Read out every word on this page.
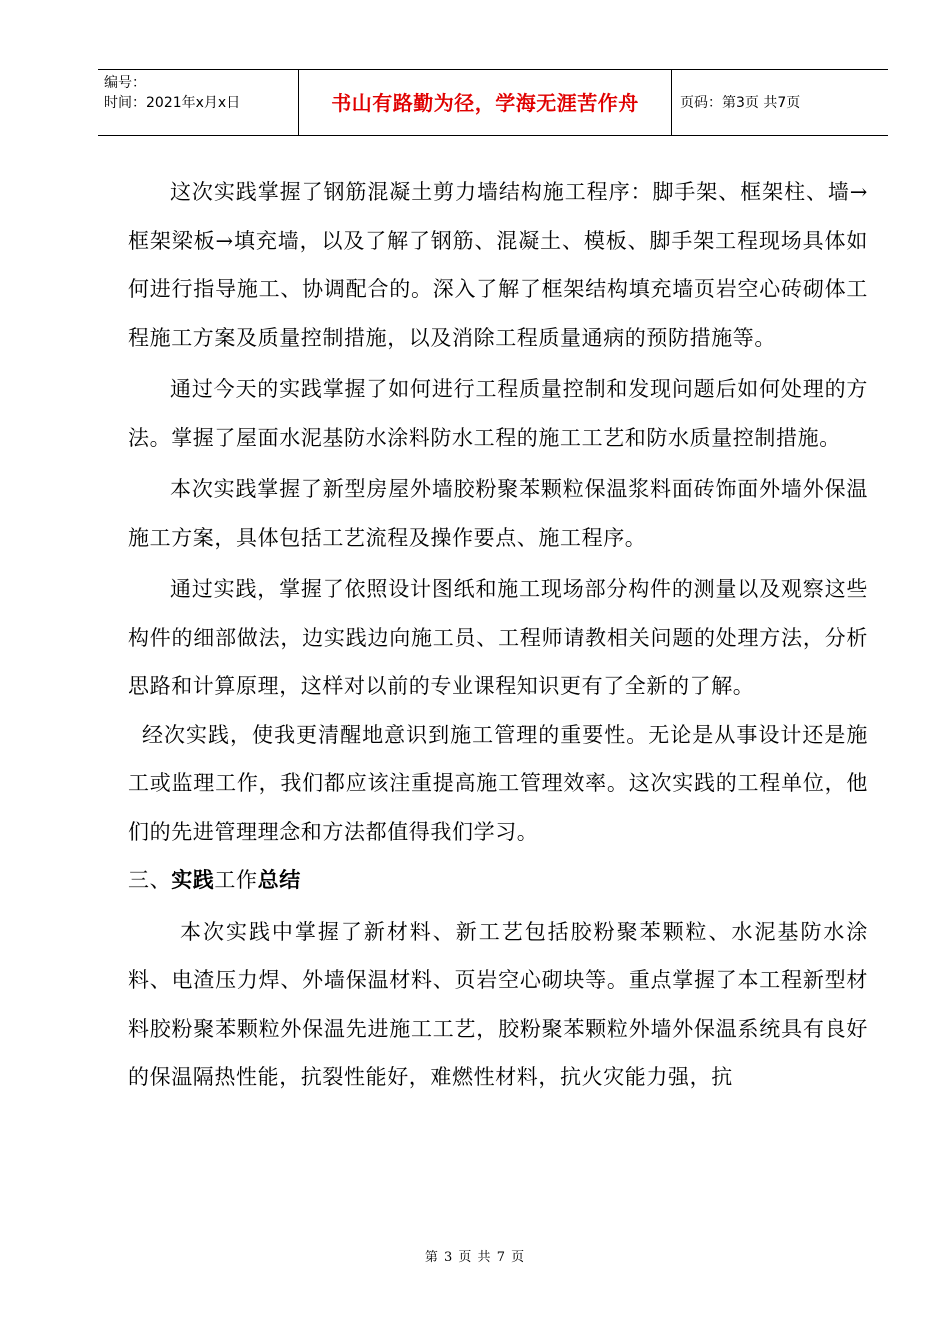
编号：
时间：2021年x月x日	书山有路勤为径，学海无涯苦作舟	页码：第3页 共7页

这次实践掌握了钢筋混凝土剪力墙结构施工程序：脚手架、框架柱、墙→框架梁板→填充墙，以及了解了钢筋、混凝土、模板、脚手架工程现场具体如何进行指导施工、协调配合的。深入了解了框架结构填充墙页岩空心砖砌体工程施工方案及质量控制措施，以及消除工程质量通病的预防措施等。

通过今天的实践掌握了如何进行工程质量控制和发现问题后如何处理的方法。掌握了屋面水泥基防水涂料防水工程的施工工艺和防水质量控制措施。

本次实践掌握了新型房屋外墙胶粉聚苯颗粒保温浆料面砖饰面外墙外保温施工方案，具体包括工艺流程及操作要点、施工程序。

通过实践，掌握了依照设计图纸和施工现场部分构件的测量以及观察这些构件的细部做法，边实践边向施工员、工程师请教相关问题的处理方法，分析思路和计算原理，这样对以前的专业课程知识更有了全新的了解。

经次实践，使我更清醒地意识到施工管理的重要性。无论是从事设计还是施工或监理工作，我们都应该注重提高施工管理效率。这次实践的工程单位，他们的先进管理理念和方法都值得我们学习。

三、实践工作总结

本次实践中掌握了新材料、新工艺包括胶粉聚苯颗粒、水泥基防水涂料、电渣压力焊、外墙保温材料、页岩空心砌块等。重点掌握了本工程新型材料胶粉聚苯颗粒外保温先进施工工艺，胶粉聚苯颗粒外墙外保温系统具有良好的保温隔热性能，抗裂性能好，难燃性材料，抗火灾能力强，抗

第 3 页 共 7 页
